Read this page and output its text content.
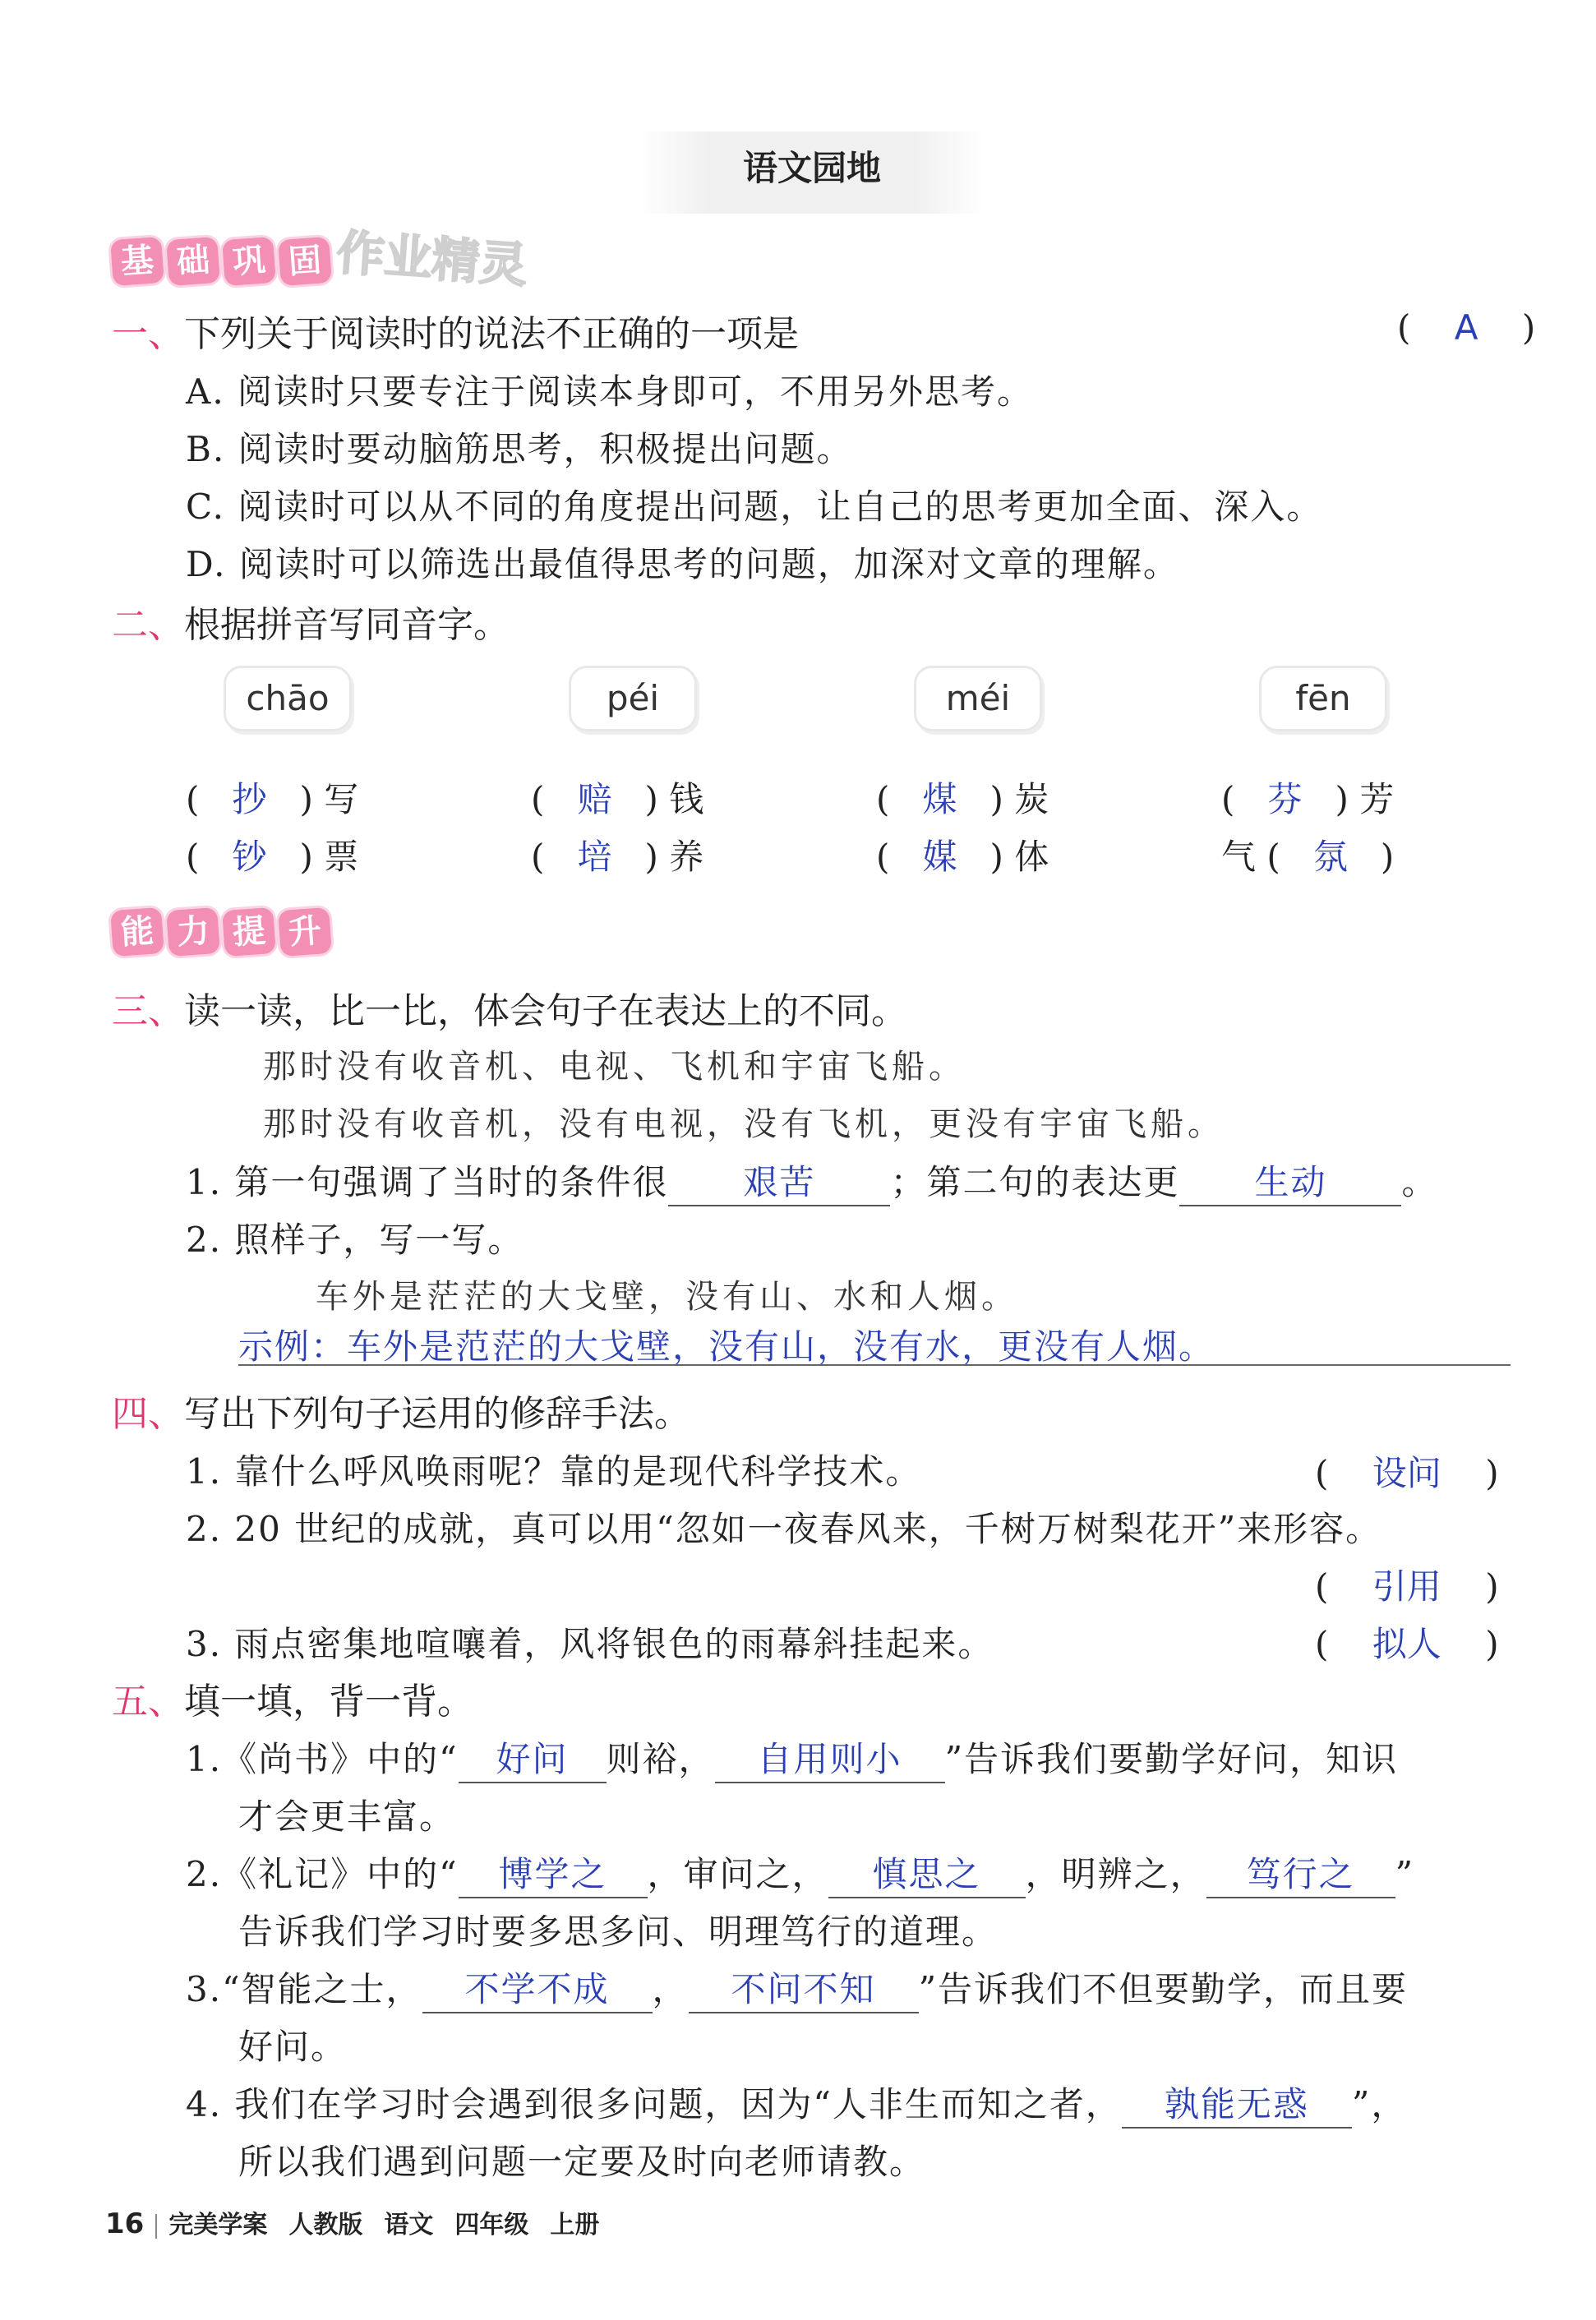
语文园地
基 础 巩 固 作业精灵
一、下列关于阅读时的说法不正确的一项是	(    A    )
A. 阅读时只要专注于阅读本身即可，不用另外思考。
B. 阅读时要动脑筋思考，积极提出问题。
C. 阅读时可以从不同的角度提出问题，让自己的思考更加全面、深入。
D. 阅读时可以筛选出最值得思考的问题，加深对文章的理解。
二、根据拼音写同音字。
chāo	péi	méi	fēn
(   抄   ) 写	(   赔   ) 钱	(   煤   ) 炭	(   芬   ) 芳
(   钞   ) 票	(   培   ) 养	(   媒   ) 体	气 (   氛   )
能 力 提 升
三、读一读，比一比，体会句子在表达上的不同。
那时没有收音机、电视、飞机和宇宙飞船。
那时没有收音机，没有电视，没有飞机，更没有宇宙飞船。
1. 第一句强调了当时的条件很 艰苦 ；第二句的表达更 生动 。
2. 照样子，写一写。
车外是茫茫的大戈壁，没有山、水和人烟。
示例：车外是范茫的大戈壁，没有山，没有水，更没有人烟。
四、写出下列句子运用的修辞手法。
1. 靠什么呼风唤雨呢？靠的是现代科学技术。	(    设问    )
2. 20 世纪的成就，真可以用“忽如一夜春风来，千树万树梨花开”来形容。
(    引用    )
3. 雨点密集地喧嚷着，风将银色的雨幕斜挂起来。	(    拟人    )
五、填一填，背一背。
1.《尚书》中的“ 好问 则裕， 自用则小 ”告诉我们要勤学好问，知识
才会更丰富。
2.《礼记》中的“ 博学之 ，审问之， 慎思之 ，明辨之， 笃行之 ”
告诉我们学习时要多思多问、明理笃行的道理。
3.“智能之士， 不学不成 ， 不问不知 ”告诉我们不但要勤学，而且要
好问。
4. 我们在学习时会遇到很多问题，因为“人非生而知之者， 孰能无惑 ”，
所以我们遇到问题一定要及时向老师请教。
16 完美学案 人教版 语文 四年级 上册
